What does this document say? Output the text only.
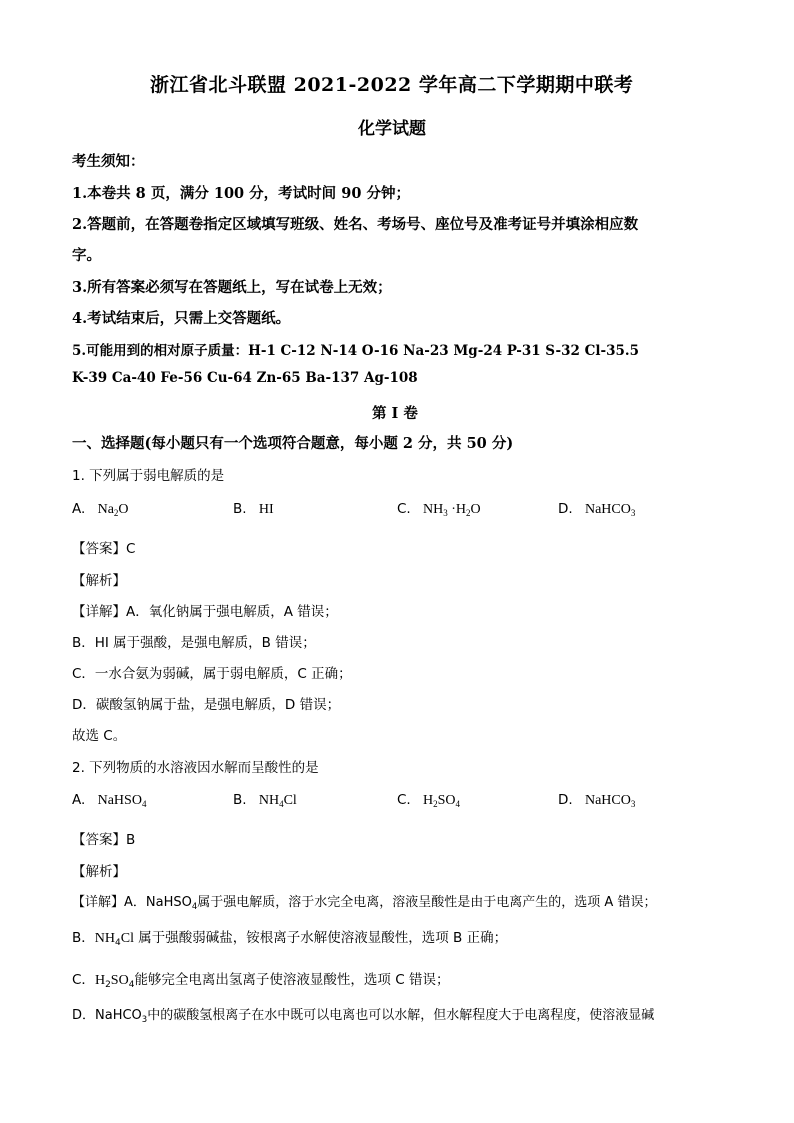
浙江省北斗联盟 2021-2022 学年高二下学期期中联考
化学试题
考生须知：
1.本卷共 8 页，满分 100 分，考试时间 90 分钟；
2.答题前，在答题卷指定区域填写班级、姓名、考场号、座位号及准考证号并填涂相应数
字。
3.所有答案必须写在答题纸上，写在试卷上无效；
4.考试结束后，只需上交答题纸。
5.可能用到的相对原子质量：H-1 C-12 N-14 O-16 Na-23 Mg-24 P-31 S-32 Cl-35.5
K-39 Ca-40 Fe-56 Cu-64 Zn-65 Ba-137 Ag-108
第 I 卷
一、选择题(每小题只有一个选项符合题意，每小题 2 分，共 50 分)
1. 下列属于弱电解质的是
A. $Na_2O$	B. HI	C. $NH_3 \cdot H_2O$	D. NaHCO$_3$
【答案】C
【解析】
【详解】A．氧化钠属于强电解质，A 错误；
B．HI 属于强酸，是强电解质，B 错误；
C．一水合氨为弱碱，属于弱电解质，C 正确；
D．碳酸氢钠属于盐，是强电解质，D 错误；
故选 C。
2. 下列物质的水溶液因水解而呈酸性的是
A. NaHSO$_4$	B. $NH_4Cl$	C. $H_2SO_4$	D. NaHCO$_3$
【答案】B
【解析】
【详解】A．NaHSO$_4$属于强电解质，溶于水完全电离，溶液呈酸性是由于电离产生的，选项 A 错误；
B．$NH_4Cl$ 属于强酸弱碱盐，铵根离子水解使溶液显酸性，选项 B 正确；
C．$H_2SO_4$能够完全电离出氢离子使溶液显酸性，选项 C 错误；
D．NaHCO$_3$中的碳酸氢根离子在水中既可以电离也可以水解，但水解程度大于电离程度，使溶液显碱
